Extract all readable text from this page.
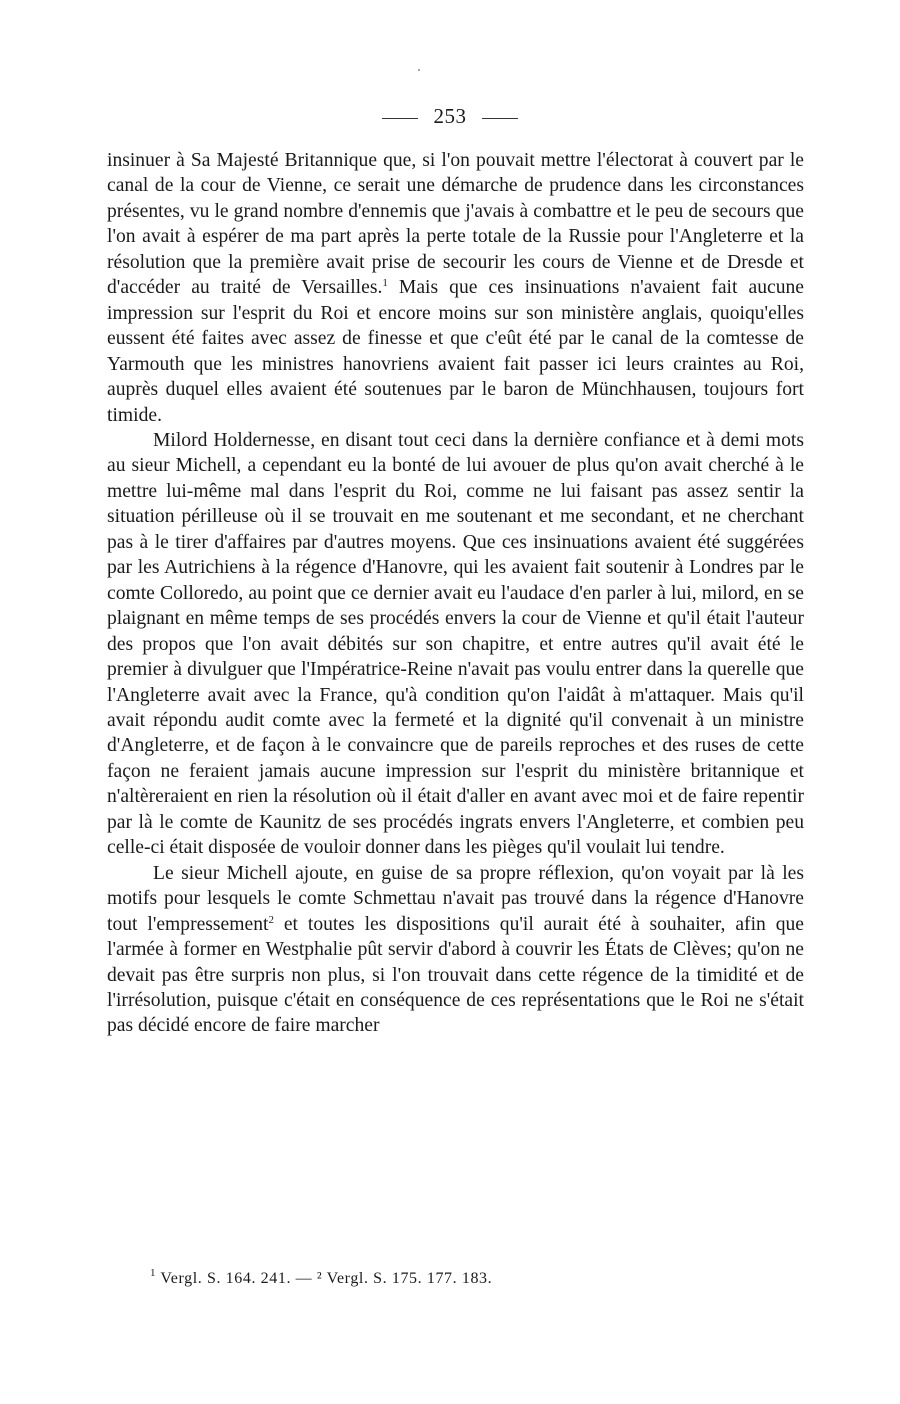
253

insinuer à Sa Majesté Britannique que, si l'on pouvait mettre l'électorat à couvert par le canal de la cour de Vienne, ce serait une démarche de prudence dans les circonstances présentes, vu le grand nombre d'ennemis que j'avais à combattre et le peu de secours que l'on avait à espérer de ma part après la perte totale de la Russie pour l'Angleterre et la résolution que la première avait prise de secourir les cours de Vienne et de Dresde et d'accéder au traité de Versailles.$^1$ Mais que ces insinuations n'avaient fait aucune impression sur l'esprit du Roi et encore moins sur son ministère anglais, quoiqu'elles eussent été faites avec assez de finesse et que c'eût été par le canal de la comtesse de Yarmouth que les ministres hanovriens avaient fait passer ici leurs craintes au Roi, auprès duquel elles avaient été soutenues par le baron de Münchhausen, toujours fort timide.

Milord Holdernesse, en disant tout ceci dans la dernière confiance et à demi mots au sieur Michell, a cependant eu la bonté de lui avouer de plus qu'on avait cherché à le mettre lui-même mal dans l'esprit du Roi, comme ne lui faisant pas assez sentir la situation périlleuse où il se trouvait en me soutenant et me secondant, et ne cherchant pas à le tirer d'affaires par d'autres moyens. Que ces insinuations avaient été suggérées par les Autrichiens à la régence d'Hanovre, qui les avaient fait soutenir à Londres par le comte Colloredo, au point que ce dernier avait eu l'audace d'en parler à lui, milord, en se plaignant en même temps de ses procédés envers la cour de Vienne et qu'il était l'auteur des propos que l'on avait débités sur son chapitre, et entre autres qu'il avait été le premier à divulguer que l'Impératrice-Reine n'avait pas voulu entrer dans la querelle que l'Angleterre avait avec la France, qu'à condition qu'on l'aidât à m'attaquer. Mais qu'il avait répondu audit comte avec la fermeté et la dignité qu'il convenait à un ministre d'Angleterre, et de façon à le convaincre que de pareils reproches et des ruses de cette façon ne feraient jamais aucune impression sur l'esprit du ministère britannique et n'altèreraient en rien la résolution où il était d'aller en avant avec moi et de faire repentir par là le comte de Kaunitz de ses procédés ingrats envers l'Angleterre, et combien peu celle-ci était disposée de vouloir donner dans les pièges qu'il voulait lui tendre.

Le sieur Michell ajoute, en guise de sa propre réflexion, qu'on voyait par là les motifs pour lesquels le comte Schmettau n'avait pas trouvé dans la régence d'Hanovre tout l'empressement$^2$ et toutes les dispositions qu'il aurait été à souhaiter, afin que l'armée à former en Westphalie pût servir d'abord à couvrir les États de Clèves; qu'on ne devait pas être surpris non plus, si l'on trouvait dans cette régence de la timidité et de l'irrésolution, puisque c'était en conséquence de ces représentations que le Roi ne s'était pas décidé encore de faire marcher

$^1$ Vergl. S. 164. 241. — ² Vergl. S. 175. 177. 183.
